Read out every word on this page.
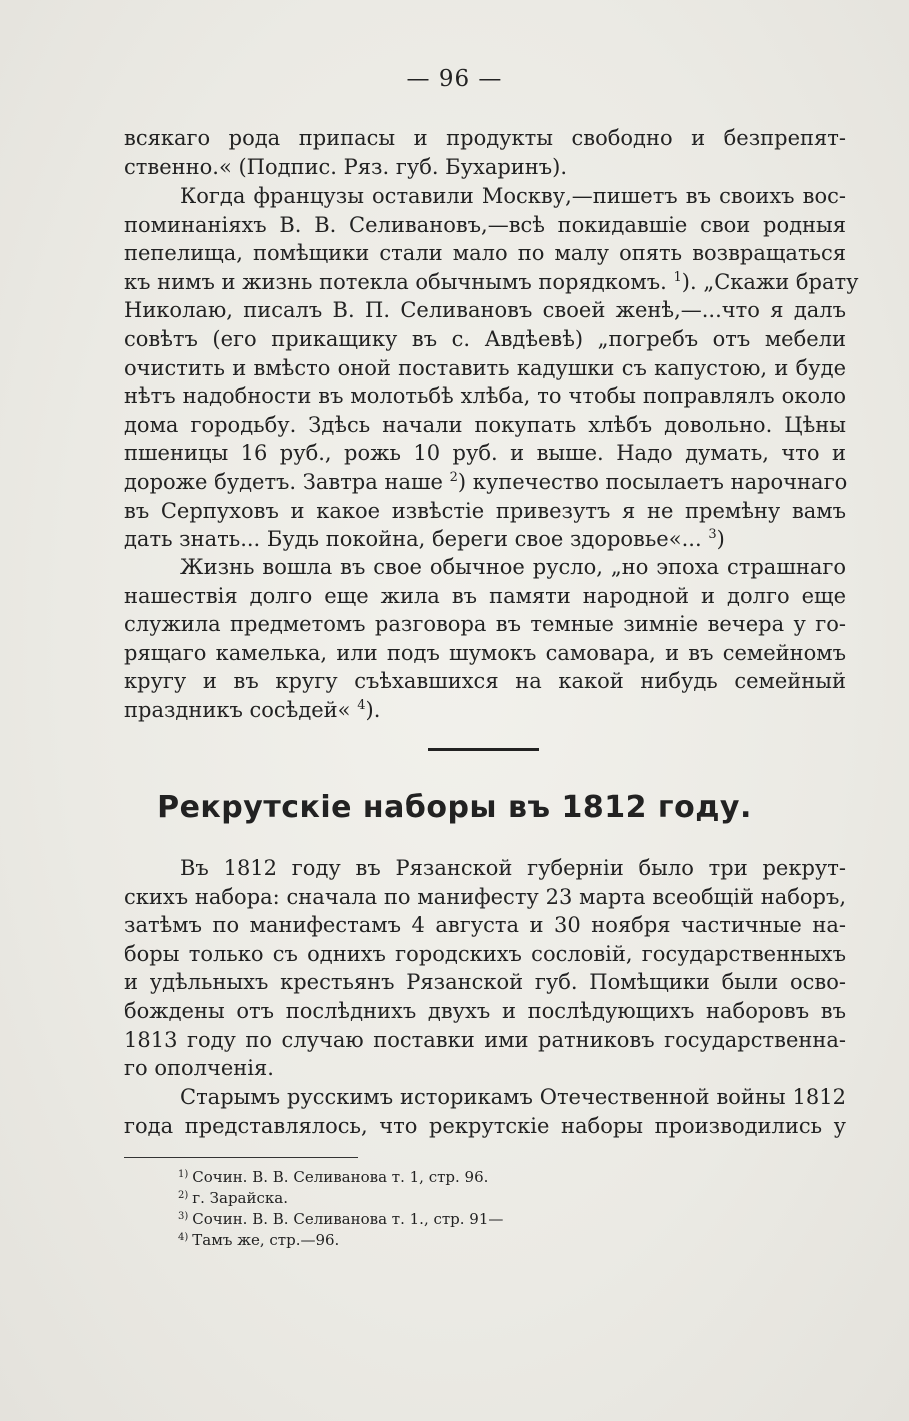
— 96 —
всякаго рода припасы и продукты свободно и безпрепят-
ственно.« (Подпис. Ряз. губ. Бухаринъ).
Когда французы оставили Москву,—пишетъ въ своихъ вос-
поминаніяхъ В. В. Селивановъ,—всѣ покидавшіе свои родныя
пепелища, помѣщики стали мало по малу опять возвращаться
къ нимъ и жизнь потекла обычнымъ порядкомъ. $^1$). „Скажи брату
Николаю, писалъ В. П. Селивановъ своей женѣ,—...что я далъ
совѣтъ (его прикащику въ с. Авдѣевѣ) „погребъ отъ мебели
очистить и вмѣсто оной поставить кадушки съ капустою, и буде
нѣтъ надобности въ молотьбѣ хлѣба, то чтобы поправлялъ около
дома городьбу. Здѣсь начали покупать хлѣбъ довольно. Цѣны
пшеницы 16 руб., рожь 10 руб. и выше. Надо думать, что и
дороже будетъ. Завтра наше $^2$) купечество посылаетъ нарочнаго
въ Серпуховъ и какое извѣстіе привезутъ я не премѣну вамъ
дать знать... Будь покойна, береги свое здоровье«... $^3$)
Жизнь вошла въ свое обычное русло, „но эпоха страшнаго
нашествія долго еще жила въ памяти народной и долго еще
служила предметомъ разговора въ темные зимніе вечера у го-
рящаго камелька, или подъ шумокъ самовара, и въ семейномъ
кругу и въ кругу съѣхавшихся на какой нибудь семейный
праздникъ сосѣдей« $^4$).
Рекрутскіе наборы въ 1812 году.
Въ 1812 году въ Рязанской губерніи было три рекрут-
скихъ набора: сначала по манифесту 23 марта всеобщій наборъ,
затѣмъ по манифестамъ 4 августа и 30 ноября частичные на-
боры только съ однихъ городскихъ сословій, государственныхъ
и удѣльныхъ крестьянъ Рязанской губ. Помѣщики были осво-
бождены отъ послѣднихъ двухъ и послѣдующихъ наборовъ въ
1813 году по случаю поставки ими ратниковъ государственна-
го ополченія.
Старымъ русскимъ историкамъ Отечественной войны 1812
года представлялось, что рекрутскіе наборы производились у
$^{1)}$ Сочин. В. В. Селиванова т. 1, стр. 96.
$^{2)}$ г. Зарайска.
$^{3)}$ Сочин. В. В. Селиванова т. 1., стр. 91—
$^{4)}$ Тамъ же, стр.—96.
